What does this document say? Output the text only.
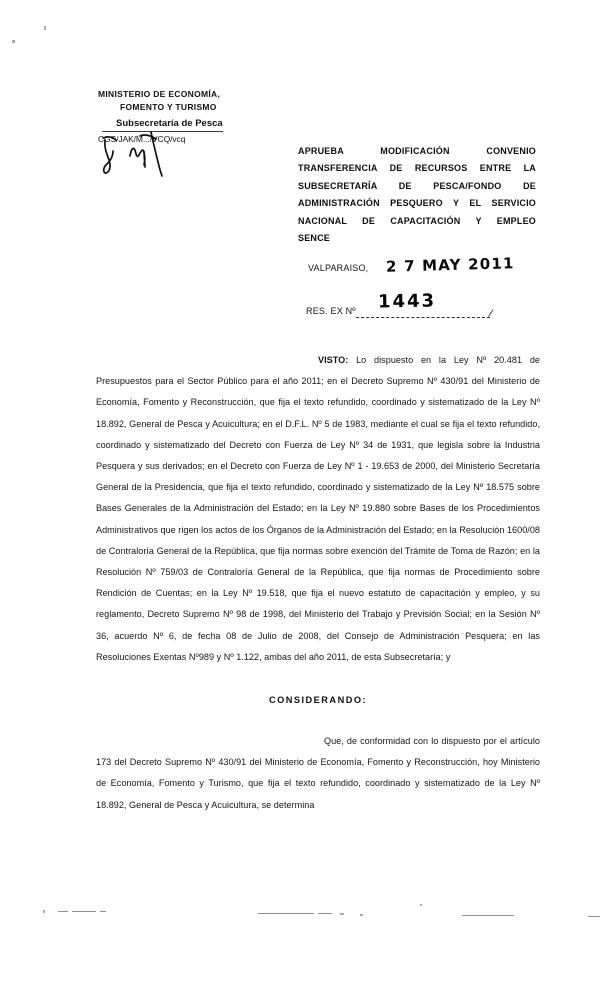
MINISTERIO DE ECONOMÍA,
FOMENTO Y TURISMO
Subsecretaría de Pesca
CGS/JAK/M.../VCQ/vcq
APRUEBA MODIFICACIÓN CONVENIO
TRANSFERENCIA DE RECURSOS ENTRE LA
SUBSECRETARÍA DE PESCA/FONDO DE
ADMINISTRACIÓN PESQUERO Y EL SERVICIO
NACIONAL DE CAPACITACIÓN Y EMPLEO
SENCE
VALPARAISO, 2 7 MAY 2011
RES. EX Nº 1443
/
VISTO: Lo dispuesto en la Ley Nº 20.481 de Presupuestos para el Sector Público para el año 2011; en el Decreto Supremo Nº 430/91 del Ministerio de Economía, Fomento y Reconstrucción, que fija el texto refundido, coordinado y sistematizado de la Ley Nº 18.892, General de Pesca y Acuicultura; en el D.F.L. Nº 5 de 1983, mediante el cual se fija el texto refundido, coordinado y sistematizado del Decreto con Fuerza de Ley Nº 34 de 1931, que legisla sobre la Industria Pesquera y sus derivados; en el Decreto con Fuerza de Ley Nº 1 - 19.653 de 2000, del Ministerio Secretaría General de la Presidencia, que fija el texto refundido, coordinado y sistematizado de la Ley Nº 18.575 sobre Bases Generales de la Administración del Estado; en la Ley Nº 19.880 sobre Bases de los Procedimientos Administrativos que rigen los actos de los Órganos de la Administración del Estado; en la Resolución 1600/08 de Contraloría General de la República, que fija normas sobre exención del Trámite de Toma de Razón; en la Resolución Nº 759/03 de Contraloría General de la República, que fija normas de Procedimiento sobre Rendición de Cuentas; en la Ley Nº 19.518, que fija el nuevo estatuto de capacitación y empleo, y su reglamento, Decreto Supremo Nº 98 de 1998, del Ministerio del Trabajo y Previsión Social; en la Sesión Nº 36, acuerdo Nº 6, de fecha 08 de Julio de 2008, del Consejo de Administración Pesquera; en las Resoluciones Exentas Nº989 y Nº 1.122, ambas del año 2011, de esta Subsecretaría; y
CONSIDERANDO:
Que, de conformidad con lo dispuesto por el artículo 173 del Decreto Supremo Nº 430/91 del Ministerio de Economía, Fomento y Reconstrucción, hoy Ministerio de Economía, Fomento y Turismo, que fija el texto refundido, coordinado y sistematizado de la Ley Nº 18.892, General de Pesca y Acuicultura, se determina
